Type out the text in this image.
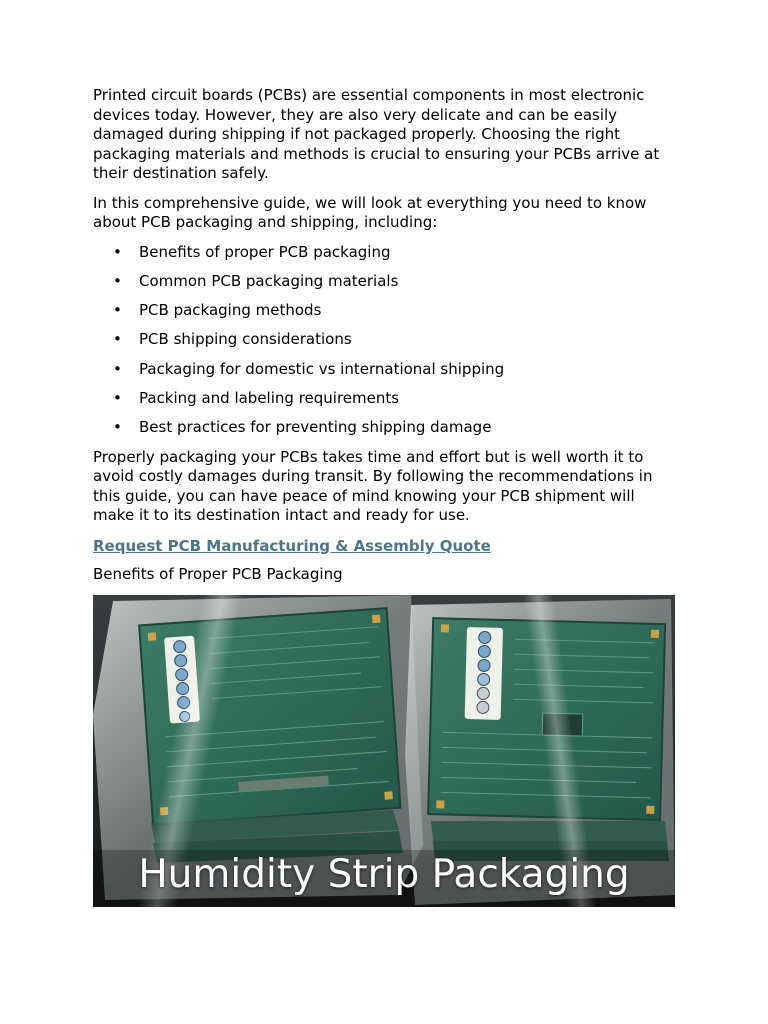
Printed circuit boards (PCBs) are essential components in most electronic devices today. However, they are also very delicate and can be easily damaged during shipping if not packaged properly. Choosing the right packaging materials and methods is crucial to ensuring your PCBs arrive at their destination safely.

In this comprehensive guide, we will look at everything you need to know about PCB packaging and shipping, including:

• Benefits of proper PCB packaging
• Common PCB packaging materials
• PCB packaging methods
• PCB shipping considerations
• Packaging for domestic vs international shipping
• Packing and labeling requirements
• Best practices for preventing shipping damage

Properly packaging your PCBs takes time and effort but is well worth it to avoid costly damages during transit. By following the recommendations in this guide, you can have peace of mind knowing your PCB shipment will make it to its destination intact and ready for use.

Request PCB Manufacturing & Assembly Quote

Benefits of Proper PCB Packaging

Humidity Strip Packaging
